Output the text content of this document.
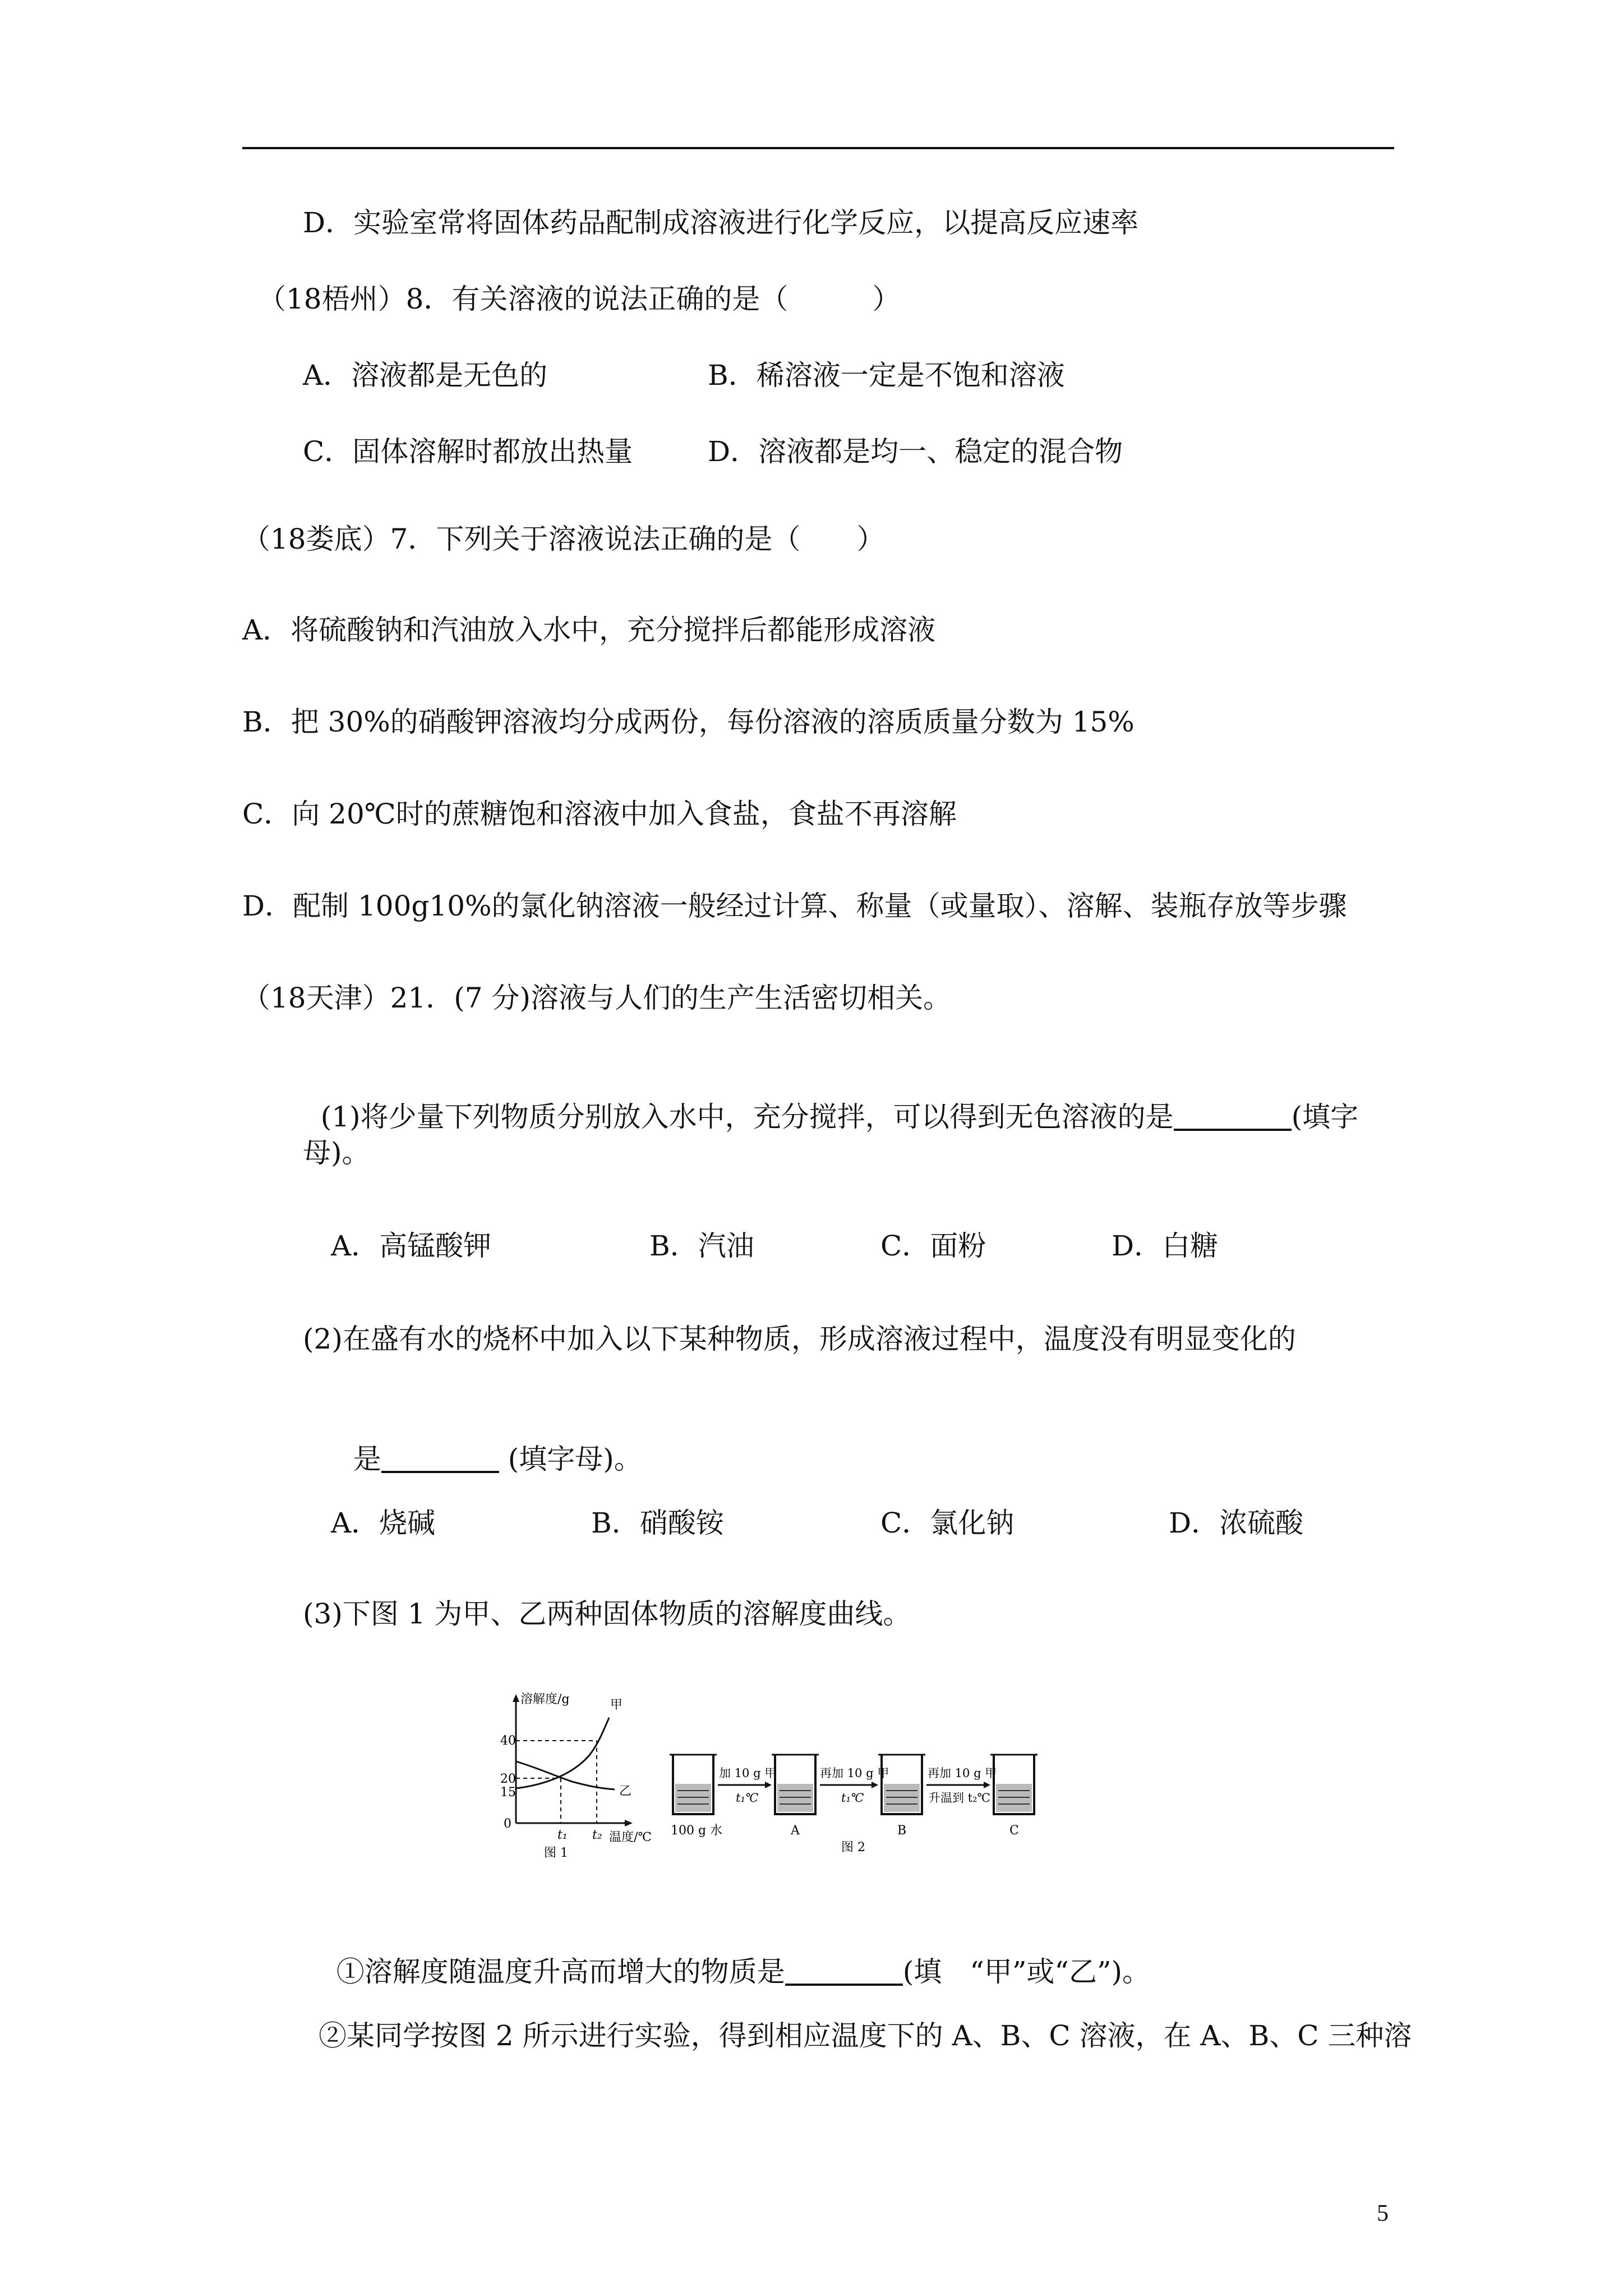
D．实验室常将固体药品配制成溶液进行化学反应，以提高反应速率
（18梧州）8．有关溶液的说法正确的是（　　　）
A．溶液都是无色的	B．稀溶液一定是不饱和溶液
C．固体溶解时都放出热量	D．溶液都是均一、稳定的混合物
（18娄底）7．下列关于溶液说法正确的是（　　）
A．将硫酸钠和汽油放入水中，充分搅拌后都能形成溶液
B．把 30%的硝酸钾溶液均分成两份，每份溶液的溶质质量分数为 15%
C．向 20℃时的蔗糖饱和溶液中加入食盐，食盐不再溶解
D．配制 100g10%的氯化钠溶液一般经过计算、称量（或量取）、溶解、装瓶存放等步骤
（18天津）21．(7 分)溶液与人们的生产生活密切相关。

(1)将少量下列物质分别放入水中，充分搅拌，可以得到无色溶液的是	(填字

母)。
A．高锰酸钾	B．汽油	C．面粉	D．白糖
(2)在盛有水的烧杯中加入以下某种物质，形成溶液过程中，温度没有明显变化的

是	(填字母)。

A．烧碱	B．硝酸铵	C．氯化钠	D．浓硫酸
(3)下图 1 为甲、乙两种固体物质的溶解度曲线。
溶解度/g
温度/℃
40
20
15
0
t₁ t₂
甲
乙
图 1
100 g 水
加 10 g 甲
t₁℃
A
再加 10 g 甲
t₁℃
B
再加 10 g 甲
升温到 t₂℃
C
图 2

①溶解度随温度升高而增大的物质是	(填　“甲”或“乙”)。

②某同学按图 2 所示进行实验，得到相应温度下的 A、B、C 溶液，在 A、B、C 三种溶
5
